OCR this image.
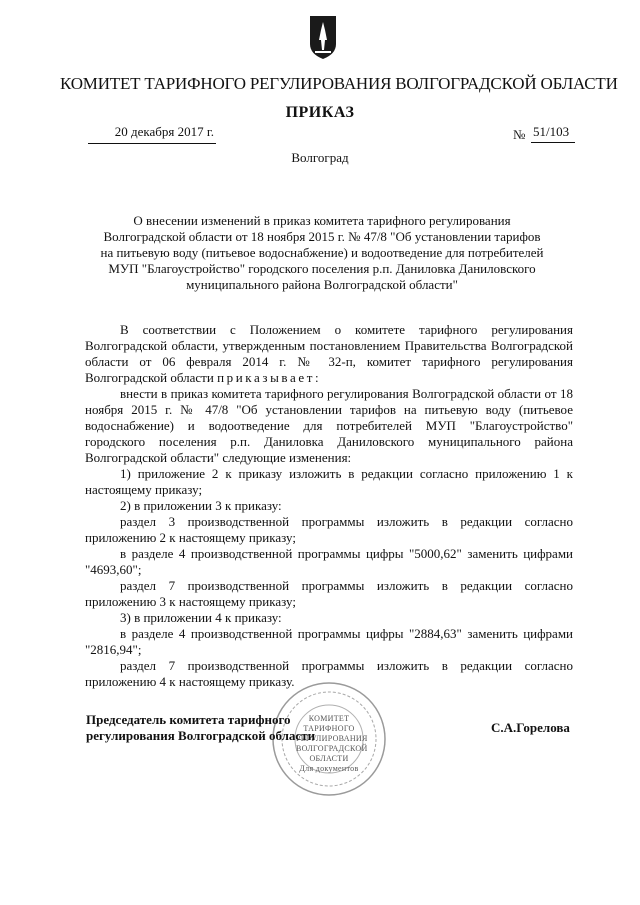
КОМИТЕТ ТАРИФНОГО РЕГУЛИРОВАНИЯ ВОЛГОГРАДСКОЙ ОБЛАСТИ
ПРИКАЗ
20 декабря 2017 г.	№ 51/103
Волгоград
О внесении изменений в приказ комитета тарифного регулирования Волгоградской области от 18 ноября 2015 г. № 47/8 "Об установлении тарифов на питьевую воду (питьевое водоснабжение) и водоотведение для потребителей МУП "Благоустройство" городского поселения р.п. Даниловка Даниловского муниципального района Волгоградской области"

В соответствии с Положением о комитете тарифного регулирования Волгоградской области, утвержденным постановлением Правительства Волгоградской области от 06 февраля 2014 г. № 32-п, комитет тарифного регулирования Волгоградской области приказывает:

внести в приказ комитета тарифного регулирования Волгоградской области от 18 ноября 2015 г. № 47/8 "Об установлении тарифов на питьевую воду (питьевое водоснабжение) и водоотведение для потребителей МУП "Благоустройство" городского поселения р.п. Даниловка Даниловского муниципального района Волгоградской области" следующие изменения:

1) приложение 2 к приказу изложить в редакции согласно приложению 1 к настоящему приказу;

2) в приложении 3 к приказу:

раздел 3 производственной программы изложить в редакции согласно приложению 2 к настоящему приказу;

в разделе 4 производственной программы цифры "5000,62" заменить цифрами "4693,60";

раздел 7 производственной программы изложить в редакции согласно приложению 3 к настоящему приказу;

3) в приложении 4 к приказу:

в разделе 4 производственной программы цифры "2884,63" заменить цифрами "2816,94";

раздел 7 производственной программы изложить в редакции согласно приложению 4 к настоящему приказу.

КОМИТЕТ
ТАРИФНОГО
РЕГУЛИРОВАНИЯ
ВОЛГОГРАДСКОЙ
ОБЛАСТИ
Для документов
Председатель комитета тарифного
регулирования Волгоградской области
С.А.Горелова
